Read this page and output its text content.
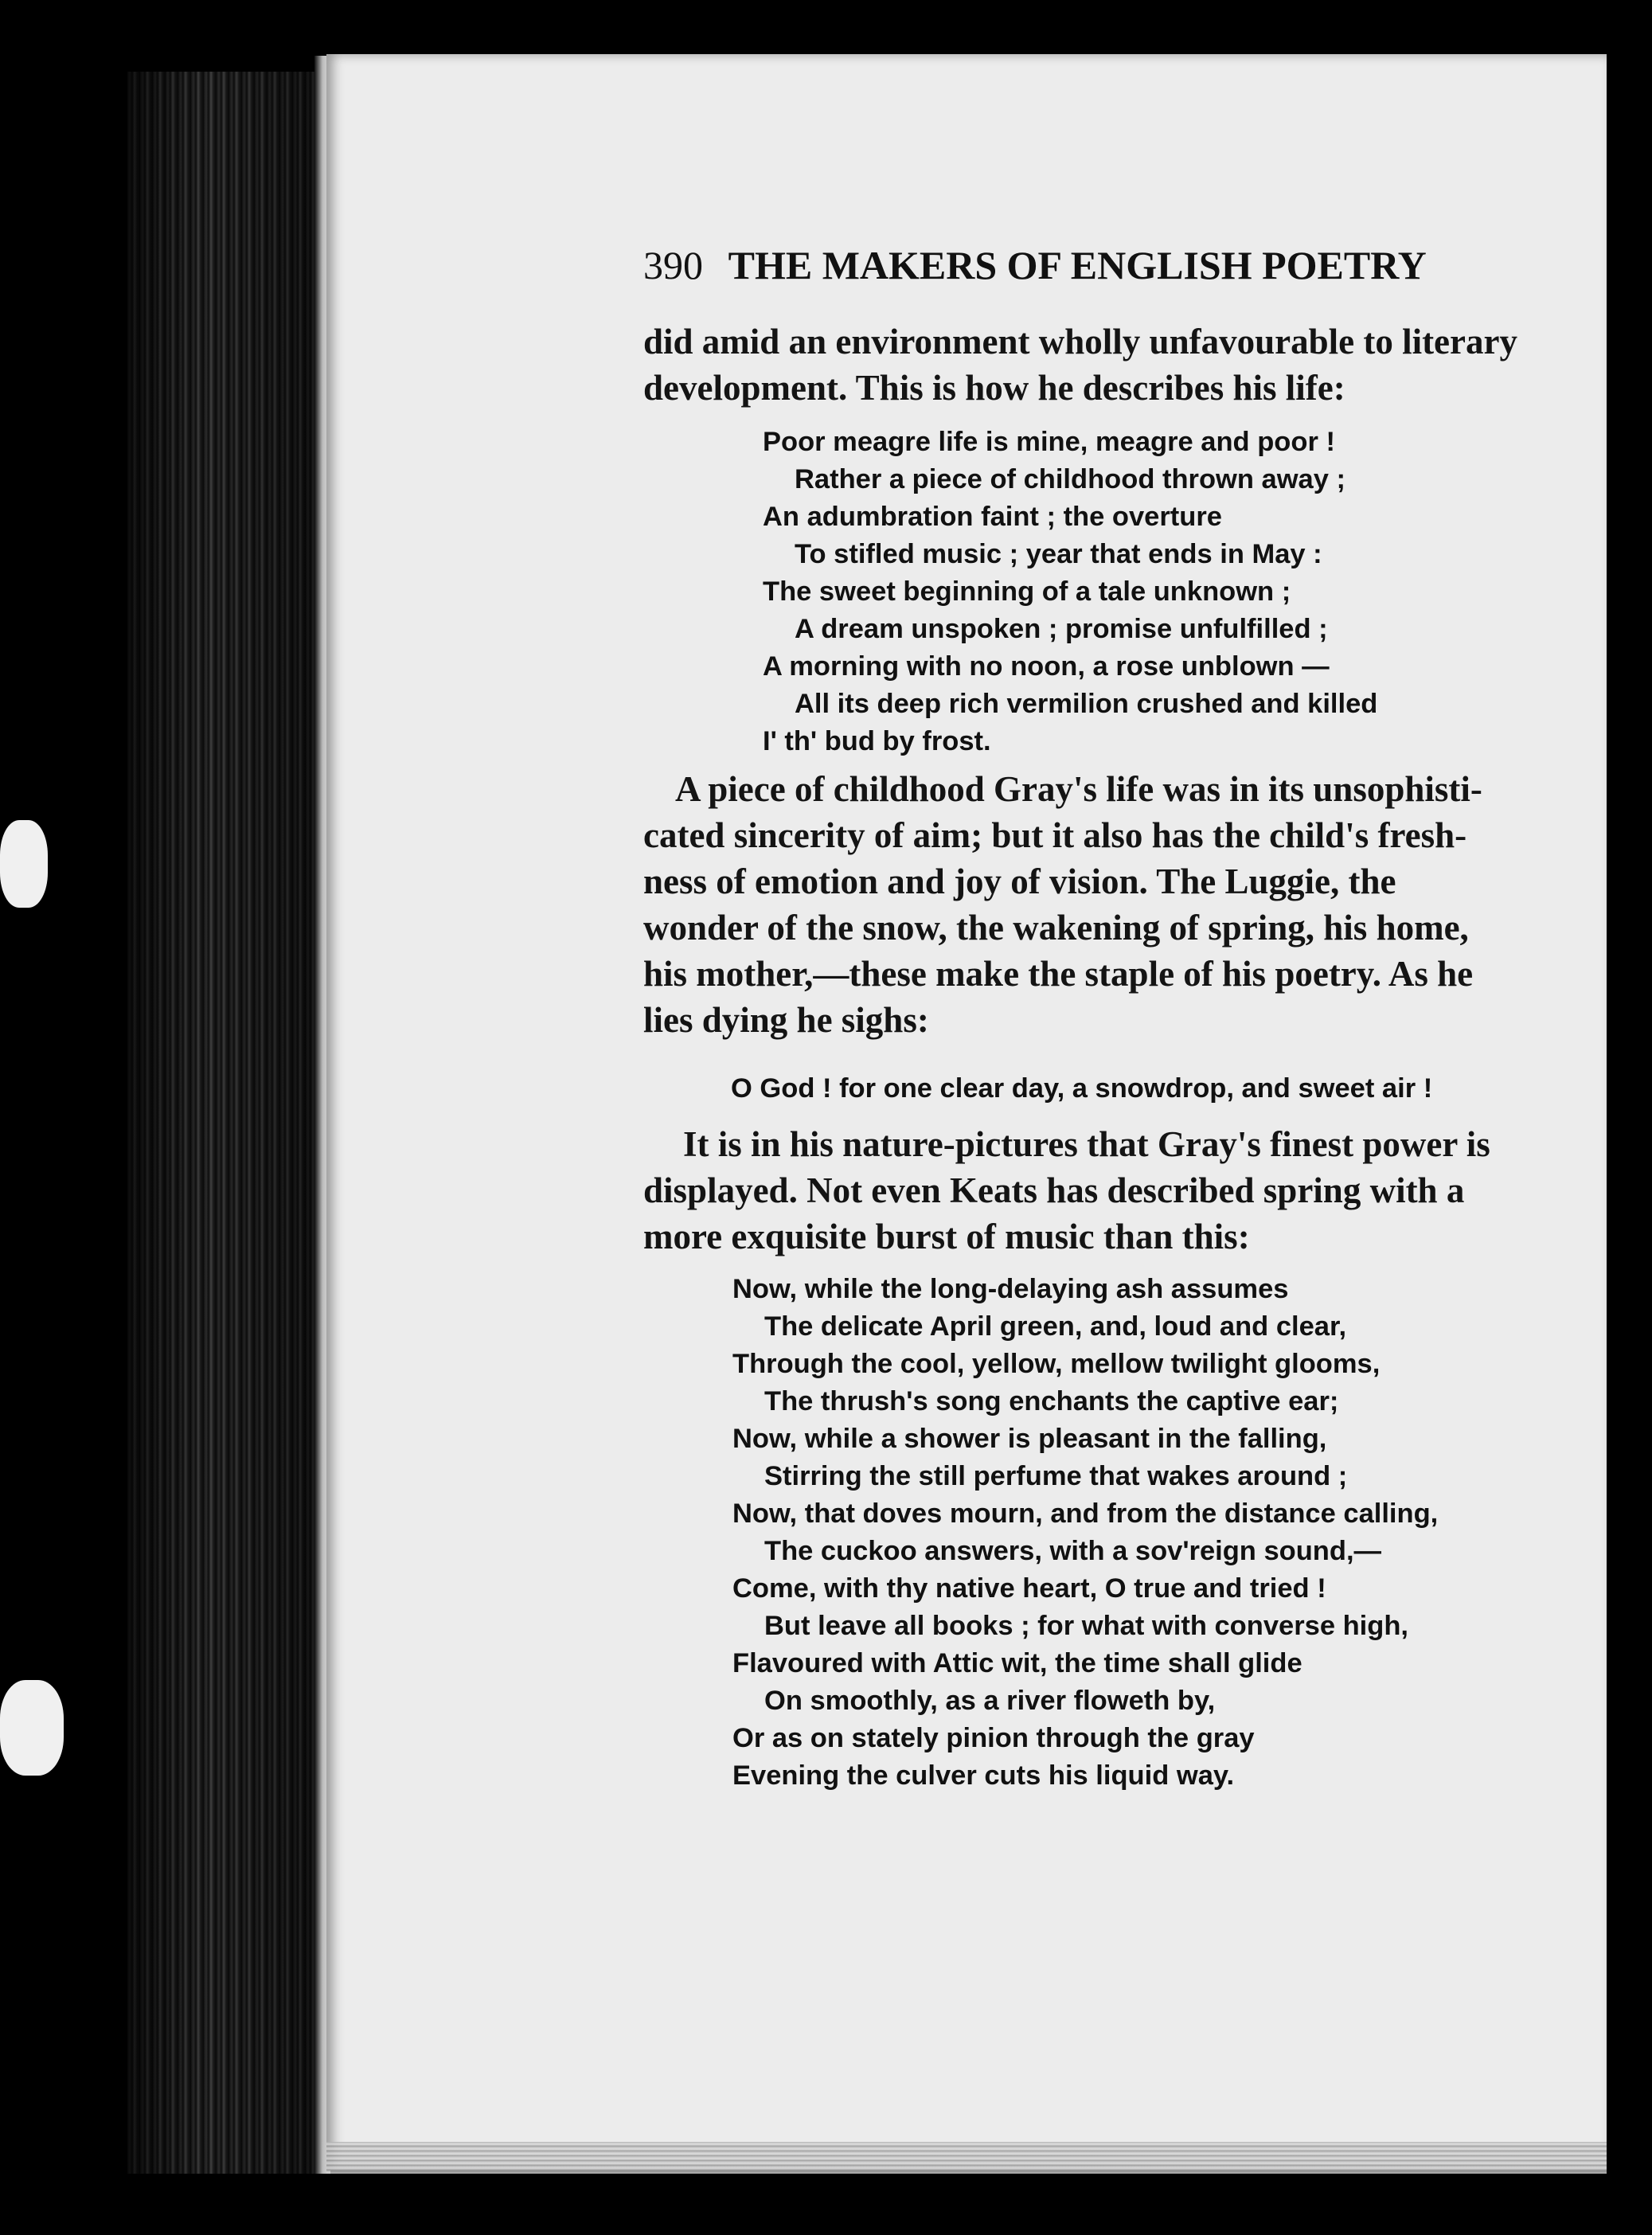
390 THE MAKERS OF ENGLISH POETRY

did amid an environment wholly unfavourable to literary
development. This is how he describes his life:

Poor meagre life is mine, meagre and poor !
Rather a piece of childhood thrown away ;
An adumbration faint ; the overture
To stifled music ; year that ends in May :
The sweet beginning of a tale unknown ;
A dream unspoken ; promise unfulfilled ;
A morning with no noon, a rose unblown —
All its deep rich vermilion crushed and killed
I' th' bud by frost.

A piece of childhood Gray's life was in its unsophisti-
cated sincerity of aim; but it also has the child's fresh-
ness of emotion and joy of vision. The Luggie, the
wonder of the snow, the wakening of spring, his home,
his mother,—these make the staple of his poetry. As he
lies dying he sighs:

O God ! for one clear day, a snowdrop, and sweet air !

It is in his nature-pictures that Gray's finest power is
displayed. Not even Keats has described spring with a
more exquisite burst of music than this:

Now, while the long-delaying ash assumes
The delicate April green, and, loud and clear,
Through the cool, yellow, mellow twilight glooms,
The thrush's song enchants the captive ear;
Now, while a shower is pleasant in the falling,
Stirring the still perfume that wakes around ;
Now, that doves mourn, and from the distance calling,
The cuckoo answers, with a sov'reign sound,—
Come, with thy native heart, O true and tried !
But leave all books ; for what with converse high,
Flavoured with Attic wit, the time shall glide
On smoothly, as a river floweth by,
Or as on stately pinion through the gray
Evening the culver cuts his liquid way.
